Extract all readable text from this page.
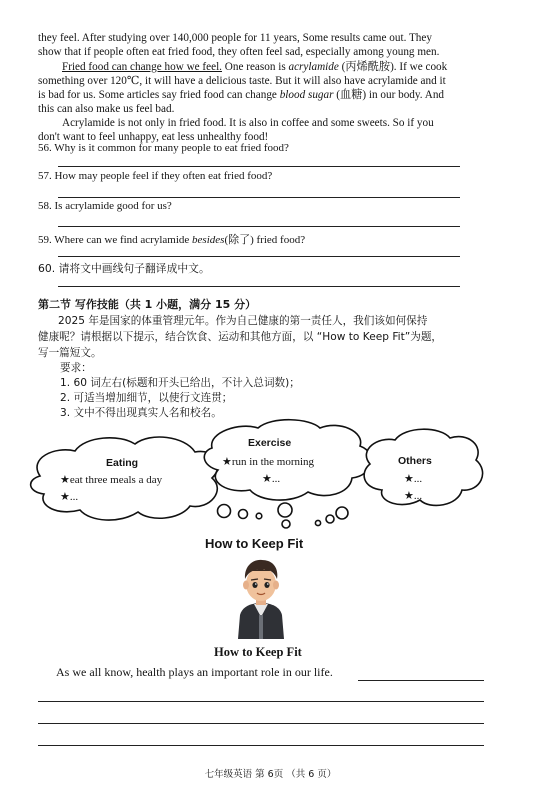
they feel. After studying over 140,000 people for 11 years, Some results came out. They
show that if people often eat fried food, they often feel sad, especially among young men.
Fried food can change how we feel. One reason is acrylamide (丙烯酰胺). If we cook
something over 120℃, it will have a delicious taste. But it will also have acrylamide and it
is bad for us. Some articles say fried food can change blood sugar (血糖) in our body. And
this can also make us feel bad.
Acrylamide is not only in fried food. It is also in coffee and some sweets. So if you
don't want to feel unhappy, eat less unhealthy food!
56. Why is it common for many people to eat fried food?
57. How may people feel if they often eat fried food?
58. Is acrylamide good for us?
59. Where can we find acrylamide besides(除了) fried food?
60. 请将文中画线句子翻译成中文。
第二节 写作技能（共 1 小题，满分 15 分）
2025 年是国家的体重管理元年。作为自己健康的第一责任人，我们该如何保持
健康呢？请根据以下提示，结合饮食、运动和其他方面，以 “How to Keep Fit”为题，
写一篇短文。
要求：
1. 60 词左右(标题和开头已给出，不计入总词数)；
2. 可适当增加细节，以使行文连贯；
3. 文中不得出现真实人名和校名。
Eating
★eat three meals a day
★...
Exercise
★run in the morning
★...
Others
★...
★...
How to Keep Fit
How to Keep Fit
As we all know, health plays an important role in our life.
七年级英语 第 6页 （共 6 页）
